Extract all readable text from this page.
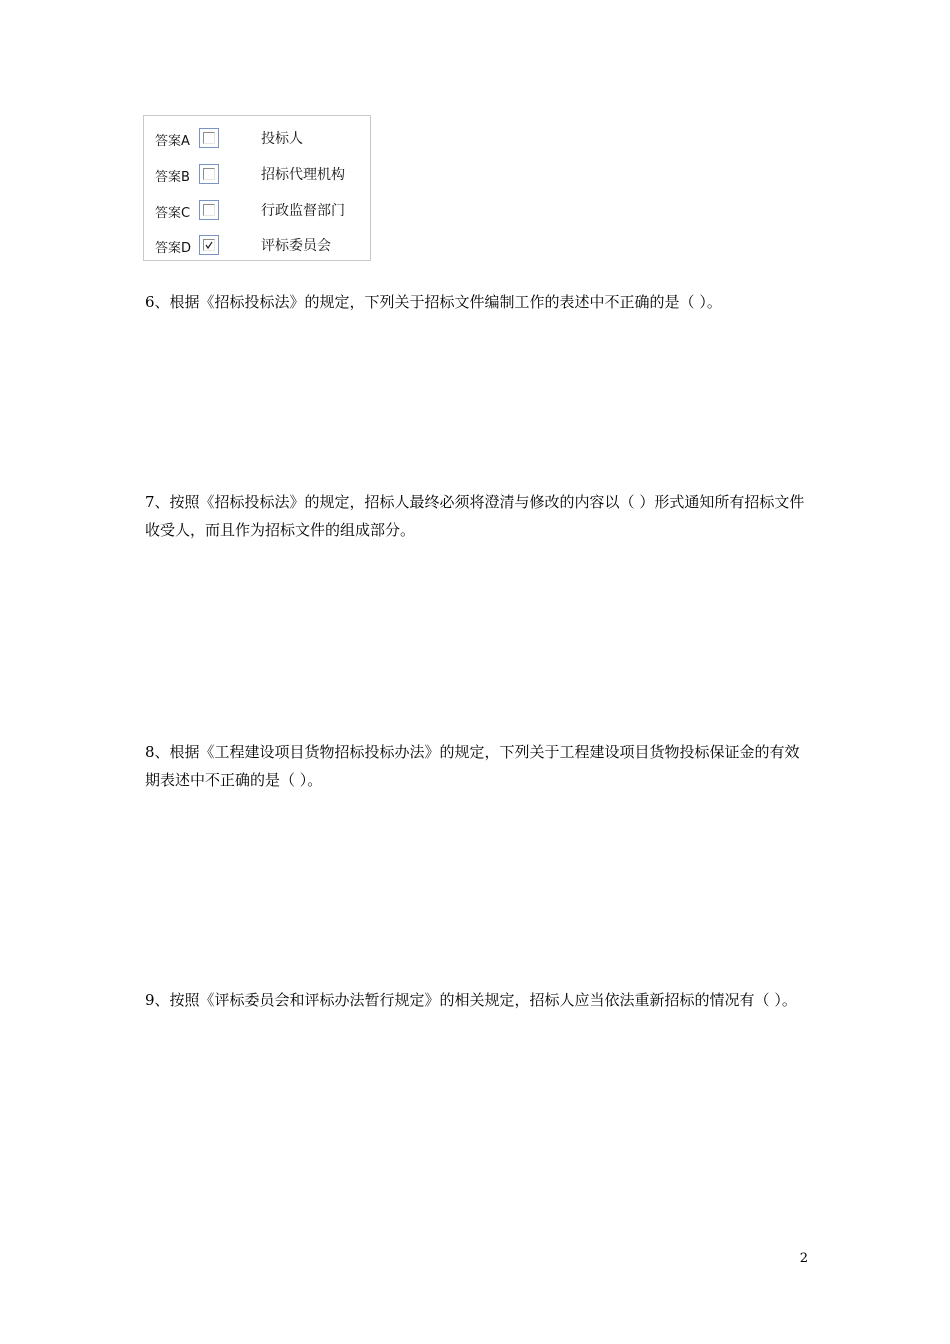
答案A	投标人
答案B	招标代理机构
答案C	行政监督部门
答案D	评标委员会

6、根据《招标投标法》的规定，下列关于招标文件编制工作的表述中不正确的是（ ）。

7、按照《招标投标法》的规定，招标人最终必须将澄清与修改的内容以（ ）形式通知所有招标文件收受人，而且作为招标文件的组成部分。

8、根据《工程建设项目货物招标投标办法》的规定，下列关于工程建设项目货物投标保证金的有效期表述中不正确的是（ ）。

9、按照《评标委员会和评标办法暂行规定》的相关规定，招标人应当依法重新招标的情况有（ ）。

2
